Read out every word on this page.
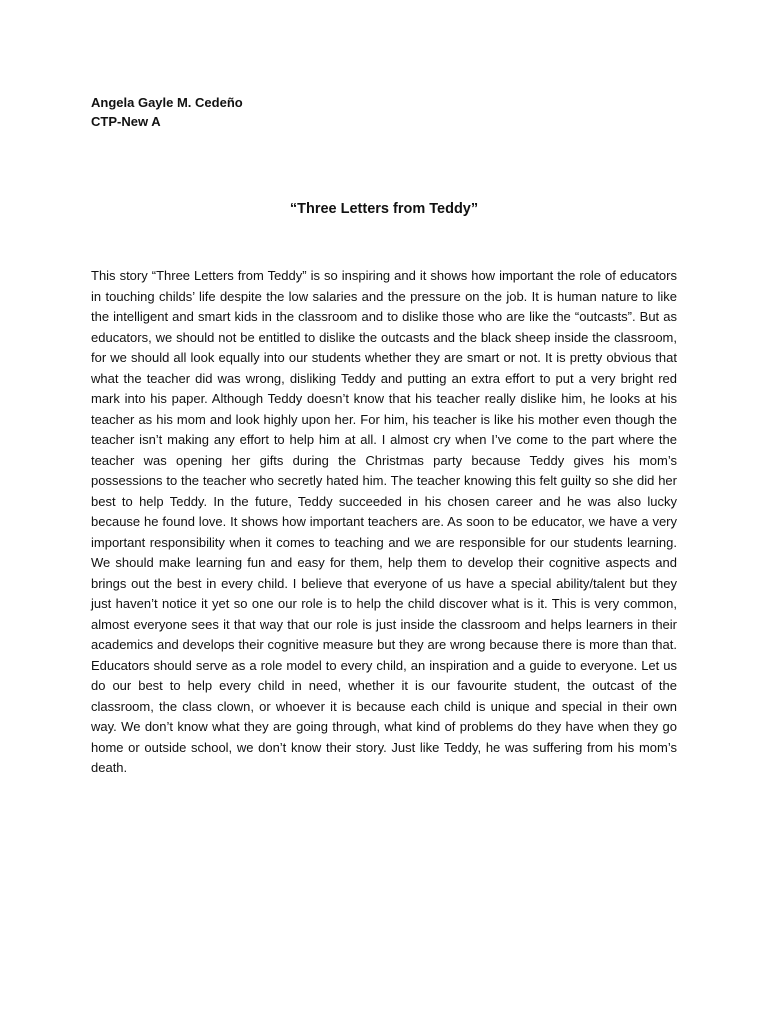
Angela Gayle M. Cedeño
CTP-New A
“Three Letters from Teddy”
This story “Three Letters from Teddy” is so inspiring and it shows how important the role of educators in touching childs’ life despite the low salaries and the pressure on the job. It is human nature to like the intelligent and smart kids in the classroom and to dislike those who are like the “outcasts”. But as educators, we should not be entitled to dislike the outcasts and the black sheep inside the classroom, for we should all look equally into our students whether they are smart or not. It is pretty obvious that what the teacher did was wrong, disliking Teddy and putting an extra effort to put a very bright red mark into his paper. Although Teddy doesn’t know that his teacher really dislike him, he looks at his teacher as his mom and look highly upon her. For him, his teacher is like his mother even though the teacher isn’t making any effort to help him at all. I almost cry when I’ve come to the part where the teacher was opening her gifts during the Christmas party because Teddy gives his mom’s possessions to the teacher who secretly hated him. The teacher knowing this felt guilty so she did her best to help Teddy. In the future, Teddy succeeded in his chosen career and he was also lucky because he found love. It shows how important teachers are. As soon to be educator, we have a very important responsibility when it comes to teaching and we are responsible for our students learning. We should make learning fun and easy for them, help them to develop their cognitive aspects and brings out the best in every child. I believe that everyone of us have a special ability/talent but they just haven’t notice it yet so one our role is to help the child discover what is it. This is very common, almost everyone sees it that way that our role is just inside the classroom and helps learners in their academics and develops their cognitive measure but they are wrong because there is more than that. Educators should serve as a role model to every child, an inspiration and a guide to everyone. Let us do our best to help every child in need, whether it is our favourite student, the outcast of the classroom, the class clown, or whoever it is because each child is unique and special in their own way. We don’t know what they are going through, what kind of problems do they have when they go home or outside school, we don’t know their story. Just like Teddy, he was suffering from his mom’s death.
